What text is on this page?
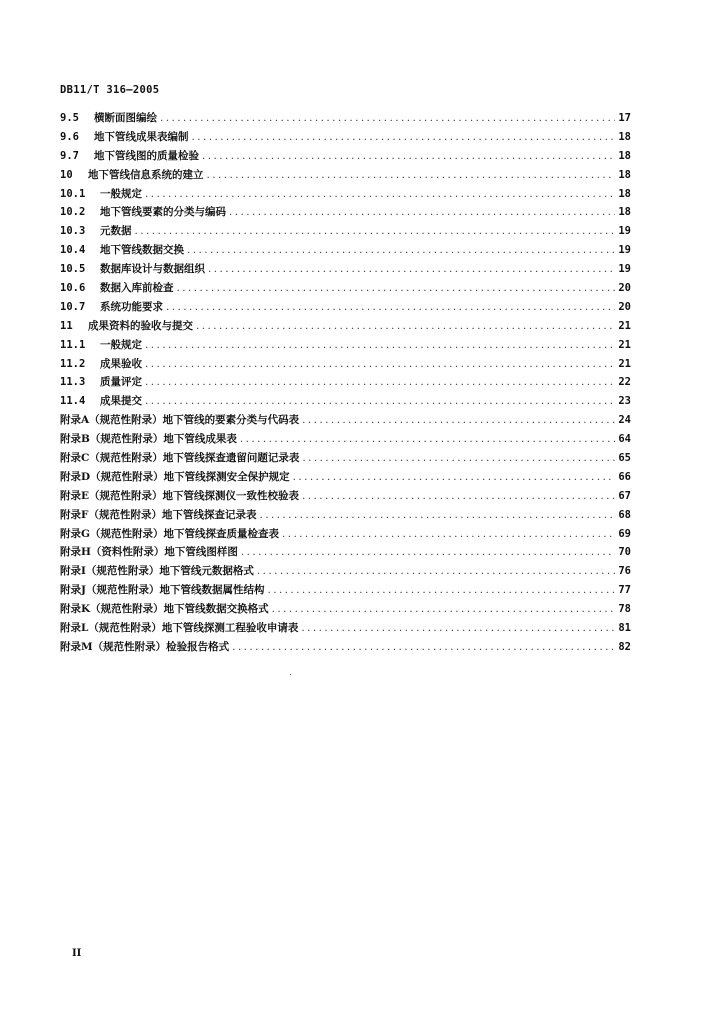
DB11/T 316—2005
9.5	横断面图编绘 .....	17
9.6	地下管线成果表编制 .....	18
9.7	地下管线图的质量检验 .....	18
10	地下管线信息系统的建立 .....	18
10.1	一般规定 .....	18
10.2	地下管线要素的分类与编码 .....	18
10.3	元数据 .....	19
10.4	地下管线数据交换 .....	19
10.5	数据库设计与数据组织 .....	19
10.6	数据入库前检查 .....	20
10.7	系统功能要求 .....	20
11	成果资料的验收与提交 .....	21
11.1	一般规定 .....	21
11.2	成果验收 .....	21
11.3	质量评定 .....	22
11.4	成果提交 .....	23
附录A（规范性附录）地下管线的要素分类与代码表 .....	24
附录B（规范性附录）地下管线成果表 .....	64
附录C（规范性附录）地下管线探查遗留问题记录表 .....	65
附录D（规范性附录）地下管线探测安全保护规定 .....	66
附录E（规范性附录）地下管线探测仪一致性校验表 .....	67
附录F（规范性附录）地下管线探查记录表 .....	68
附录G（规范性附录）地下管线探查质量检查表 .....	69
附录H（资料性附录）地下管线图样图 .....	70
附录I（规范性附录）地下管线元数据格式 .....	76
附录J（规范性附录）地下管线数据属性结构 .....	77
附录K（规范性附录）地下管线数据交换格式 .....	78
附录L（规范性附录）地下管线探测工程验收申请表 .....	81
附录M（规范性附录）检验报告格式 .....	82
II
